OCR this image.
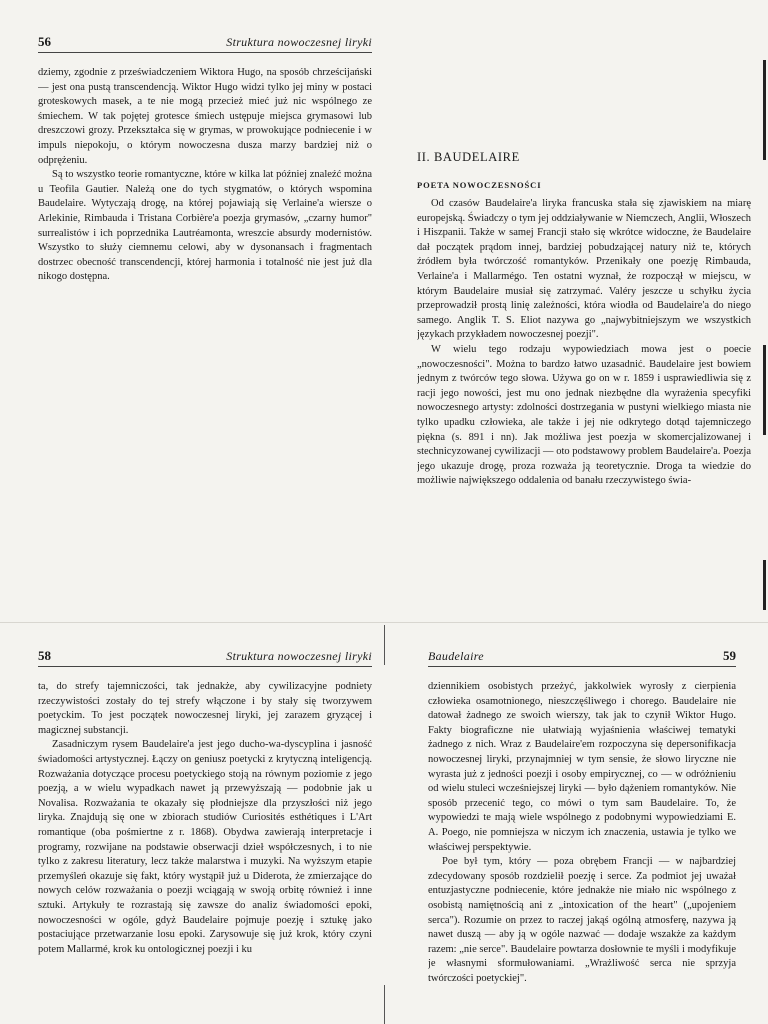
56	Struktura nowoczesnej liryki

dziemy, zgodnie z przeświadczeniem Wiktora Hugo, na sposób chrześcijański — jest ona pustą transcendencją. Wiktor Hugo widzi tylko jej miny w postaci groteskowych masek, a te nie mogą przecież mieć już nic wspólnego ze śmiechem. W tak pojętej grotesce śmiech ustępuje miejsca grymasowi lub dreszczowi grozy. Przekształca się w grymas, w prowokujące podniecenie i w impuls niepokoju, o którym nowoczesna dusza marzy bardziej niż o odprężeniu.

Są to wszystko teorie romantyczne, które w kilka lat później znaleźć można u Teofila Gautier. Należą one do tych stygmatów, o których wspomina Baudelaire. Wytyczają drogę, na której pojawiają się Verlaine'a wiersze o Arlekinie, Rimbauda i Tristana Corbière'a poezja grymasów, „czarny humor" surrealistów i ich poprzednika Lautréamonta, wreszcie absurdy modernistów. Wszystko to służy ciemnemu celowi, aby w dysonansach i fragmentach dostrzec obecność transcendencji, której harmonia i totalność nie jest już dla nikogo dostępna.

II. BAUDELAIRE
POETA NOWOCZESNOŚCI

Od czasów Baudelaire'a liryka francuska stała się zjawiskiem na miarę europejską. Świadczy o tym jej oddziaływanie w Niemczech, Anglii, Włoszech i Hiszpanii. Także w samej Francji stało się wkrótce widoczne, że Baudelaire dał początek prądom innej, bardziej pobudzającej natury niż te, których źródłem była twórczość romantyków. Przenikały one poezję Rimbauda, Verlaine'a i Mallarmégo. Ten ostatni wyznał, że rozpoczął w miejscu, w którym Baudelaire musiał się zatrzymać. Valéry jeszcze u schyłku życia przeprowadził prostą linię zależności, która wiodła od Baudelaire'a do niego samego. Anglik T. S. Eliot nazywa go „najwybitniejszym we wszystkich językach przykładem nowoczesnej poezji".

W wielu tego rodzaju wypowiedziach mowa jest o poecie „nowoczesności". Można to bardzo łatwo uzasadnić. Baudelaire jest bowiem jednym z twórców tego słowa. Używa go on w r. 1859 i usprawiedliwia się z racji jego nowości, jest mu ono jednak niezbędne dla wyrażenia specyfiki nowoczesnego artysty: zdolności dostrzegania w pustyni wielkiego miasta nie tylko upadku człowieka, ale także i jej nie odkrytego dotąd tajemniczego piękna (s. 891 i nn). Jak możliwa jest poezja w skomercjalizowanej i stechnicyzowanej cywilizacji — oto podstawowy problem Baudelaire'a. Poezja jego ukazuje drogę, proza rozważa ją teoretycznie. Droga ta wiedzie do możliwie największego oddalenia od banału rzeczywistego świa-

58	Struktura nowoczesnej liryki

ta, do strefy tajemniczości, tak jednakże, aby cywilizacyjne podniety rzeczywistości zostały do tej strefy włączone i by stały się tworzywem poetyckim. To jest początek nowoczesnej liryki, jej zarazem gryzącej i magicznej substancji.

Zasadniczym rysem Baudelaire'a jest jego ducho-wa-dyscyplina i jasność świadomości artystycznej. Łączy on geniusz poetycki z krytyczną inteligencją. Rozważania dotyczące procesu poetyckiego stoją na równym poziomie z jego poezją, a w wielu wypadkach nawet ją przewyższają — podobnie jak u Novalisa. Rozważania te okazały się płodniejsze dla przyszłości niż jego liryka. Znajdują się one w zbiorach studiów Curiosités esthétiques i L'Art romantique (oba pośmiertne z r. 1868). Obydwa zawierają interpretacje i programy, rozwijane na podstawie obserwacji dzieł współczesnych, i to nie tylko z zakresu literatury, lecz także malarstwa i muzyki. Na wyższym etapie przemyśleń okazuje się fakt, który wystąpił już u Diderota, że zmierzające do nowych celów rozważania o poezji wciągają w swoją orbitę również i inne sztuki. Artykuły te rozrastają się zawsze do analiz świadomości epoki, nowoczesności w ogóle, gdyż Baudelaire pojmuje poezję i sztukę jako postaciujące przetwarzanie losu epoki. Zarysowuje się już krok, który czyni potem Mallarmé, krok ku ontologicznej poezji i ku

Baudelaire	59

dziennikiem osobistych przeżyć, jakkolwiek wyrosły z cierpienia człowieka osamotnionego, nieszczęśliwego i chorego. Baudelaire nie datował żadnego ze swoich wierszy, tak jak to czynił Wiktor Hugo. Fakty biograficzne nie ułatwiają wyjaśnienia właściwej tematyki żadnego z nich. Wraz z Baudelaire'em rozpoczyna się depersonifikacja nowoczesnej liryki, przynajmniej w tym sensie, że słowo liryczne nie wyrasta już z jedności poezji i osoby empirycznej, co — w odróżnieniu od wielu stuleci wcześniejszej liryki — było dążeniem romantyków. Nie sposób przecenić tego, co mówi o tym sam Baudelaire. To, że wypowiedzi te mają wiele wspólnego z podobnymi wypowiedziami E. A. Poego, nie pomniejsza w niczym ich znaczenia, ustawia je tylko we właściwej perspektywie.

Poe był tym, który — poza obrębem Francji — w najbardziej zdecydowany sposób rozdzielił poezję i serce. Za podmiot jej uważał entuzjastyczne podniecenie, które jednakże nie miało nic wspólnego z osobistą namiętnością ani z „intoxication of the heart" („upojeniem serca"). Rozumie on przez to raczej jakąś ogólną atmosferę, nazywa ją nawet duszą — aby ją w ogóle nazwać — dodaje wszakże za każdym razem: „nie serce". Baudelaire powtarza dosłownie te myśli i modyfikuje je własnymi sformułowaniami. „Wrażliwość serca nie sprzyja twórczości poetyckiej".
